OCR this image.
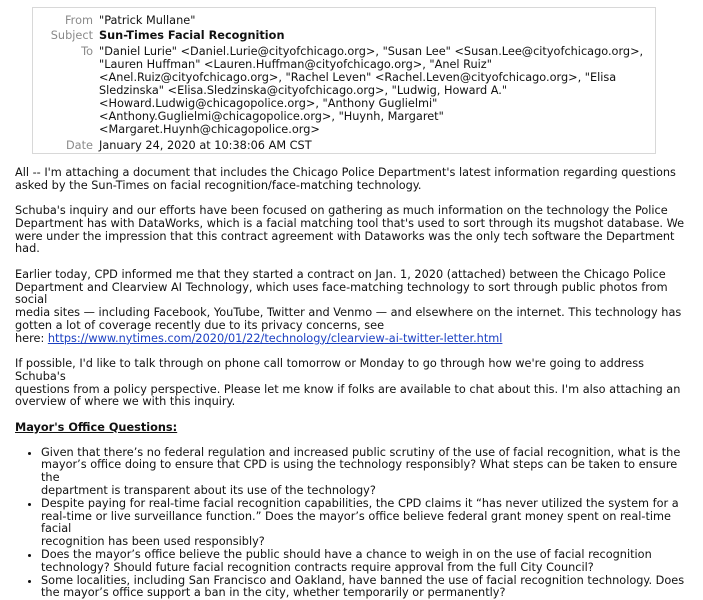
From "Patrick Mullane"
Subject Sun-Times Facial Recognition
To "Daniel Lurie" <Daniel.Lurie@cityofchicago.org>, "Susan Lee" <Susan.Lee@cityofchicago.org>,
"Lauren Huffman" <Lauren.Huffman@cityofchicago.org>, "Anel Ruiz"
<Anel.Ruiz@cityofchicago.org>, "Rachel Leven" <Rachel.Leven@cityofchicago.org>, "Elisa
Sledzinska" <Elisa.Sledzinska@cityofchicago.org>, "Ludwig, Howard A."
<Howard.Ludwig@chicagopolice.org>, "Anthony Guglielmi"
<Anthony.Guglielmi@chicagopolice.org>, "Huynh, Margaret"
<Margaret.Huynh@chicagopolice.org>
Date January 24, 2020 at 10:38:06 AM CST

All -- I'm attaching a document that includes the Chicago Police Department's latest information regarding questions
asked by the Sun-Times on facial recognition/face-matching technology.

Schuba's inquiry and our efforts have been focused on gathering as much information on the technology the Police
Department has with DataWorks, which is a facial matching tool that's used to sort through its mugshot database. We
were under the impression that this contract agreement with Dataworks was the only tech software the Department had.

Earlier today, CPD informed me that they started a contract on Jan. 1, 2020 (attached) between the Chicago Police
Department and Clearview AI Technology, which uses face-matching technology to sort through public photos from social
media sites — including Facebook, YouTube, Twitter and Venmo — and elsewhere on the internet. This technology has
gotten a lot of coverage recently due to its privacy concerns, see
here: https://www.nytimes.com/2020/01/22/technology/clearview-ai-twitter-letter.html

If possible, I'd like to talk through on phone call tomorrow or Monday to go through how we're going to address Schuba's
questions from a policy perspective. Please let me know if folks are available to chat about this. I'm also attaching an
overview of where we with this inquiry.

Mayor's Office Questions:
• Given that there’s no federal regulation and increased public scrutiny of the use of facial recognition, what is the
mayor’s office doing to ensure that CPD is using the technology responsibly? What steps can be taken to ensure the
department is transparent about its use of the technology?
• Despite paying for real-time facial recognition capabilities, the CPD claims it “has never utilized the system for a
real-time or live surveillance function.” Does the mayor’s office believe federal grant money spent on real-time facial
recognition has been used responsibly?
• Does the mayor’s office believe the public should have a chance to weigh in on the use of facial recognition
technology? Should future facial recognition contracts require approval from the full City Council?
• Some localities, including San Francisco and Oakland, have banned the use of facial recognition technology. Does
the mayor’s office support a ban in the city, whether temporarily or permanently?
